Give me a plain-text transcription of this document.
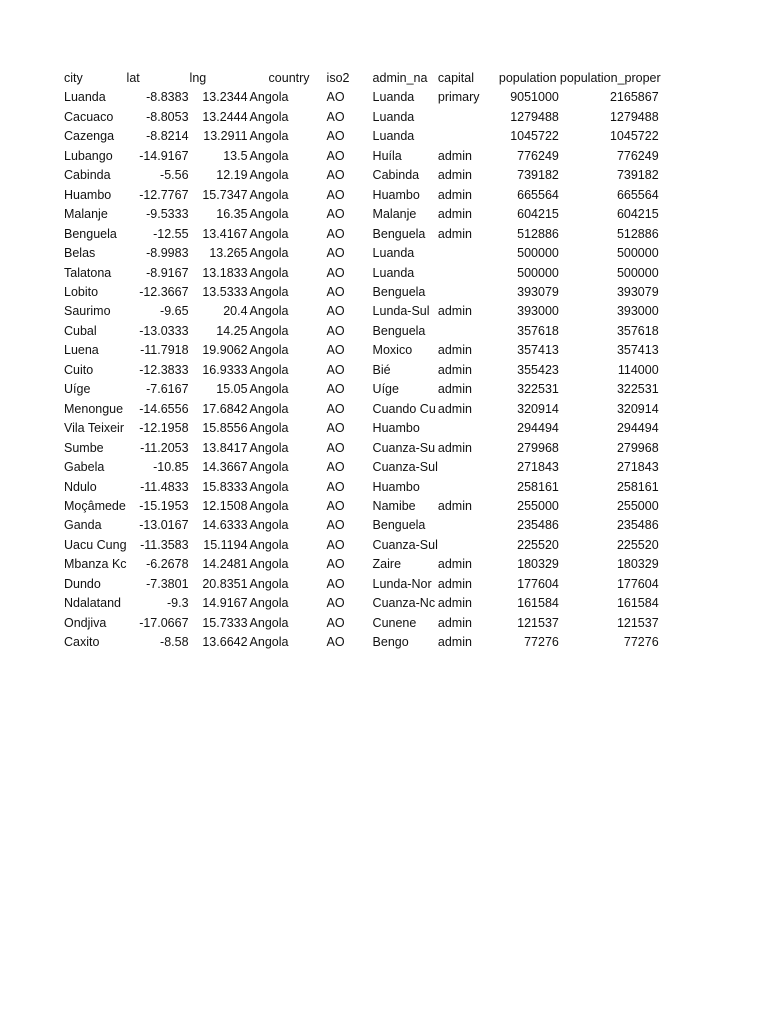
city	lat	lng	country	iso2	admin_na	capital	population	population_proper
Luanda	-8.8383	13.2344	Angola	AO	Luanda	primary	9051000	2165867
Cacuaco	-8.8053	13.2444	Angola	AO	Luanda		1279488	1279488
Cazenga	-8.8214	13.2911	Angola	AO	Luanda		1045722	1045722
Lubango	-14.9167	13.5	Angola	AO	Huíla	admin	776249	776249
Cabinda	-5.56	12.19	Angola	AO	Cabinda	admin	739182	739182
Huambo	-12.7767	15.7347	Angola	AO	Huambo	admin	665564	665564
Malanje	-9.5333	16.35	Angola	AO	Malanje	admin	604215	604215
Benguela	-12.55	13.4167	Angola	AO	Benguela	admin	512886	512886
Belas	-8.9983	13.265	Angola	AO	Luanda		500000	500000
Talatona	-8.9167	13.1833	Angola	AO	Luanda		500000	500000
Lobito	-12.3667	13.5333	Angola	AO	Benguela		393079	393079
Saurimo	-9.65	20.4	Angola	AO	Lunda-Sul	admin	393000	393000
Cubal	-13.0333	14.25	Angola	AO	Benguela		357618	357618
Luena	-11.7918	19.9062	Angola	AO	Moxico	admin	357413	357413
Cuito	-12.3833	16.9333	Angola	AO	Bié	admin	355423	114000
Uíge	-7.6167	15.05	Angola	AO	Uíge	admin	322531	322531
Menongue	-14.6556	17.6842	Angola	AO	Cuando Cu	admin	320914	320914
Vila Teixeir	-12.1958	15.8556	Angola	AO	Huambo		294494	294494
Sumbe	-11.2053	13.8417	Angola	AO	Cuanza-Su	admin	279968	279968
Gabela	-10.85	14.3667	Angola	AO	Cuanza-Sul		271843	271843
Ndulo	-11.4833	15.8333	Angola	AO	Huambo		258161	258161
Moçâmede	-15.1953	12.1508	Angola	AO	Namibe	admin	255000	255000
Ganda	-13.0167	14.6333	Angola	AO	Benguela		235486	235486
Uacu Cung	-11.3583	15.1194	Angola	AO	Cuanza-Sul		225520	225520
Mbanza Kc	-6.2678	14.2481	Angola	AO	Zaire	admin	180329	180329
Dundo	-7.3801	20.8351	Angola	AO	Lunda-Nor	admin	177604	177604
Ndalatand	-9.3	14.9167	Angola	AO	Cuanza-Nc	admin	161584	161584
Ondjiva	-17.0667	15.7333	Angola	AO	Cunene	admin	121537	121537
Caxito	-8.58	13.6642	Angola	AO	Bengo	admin	77276	77276
